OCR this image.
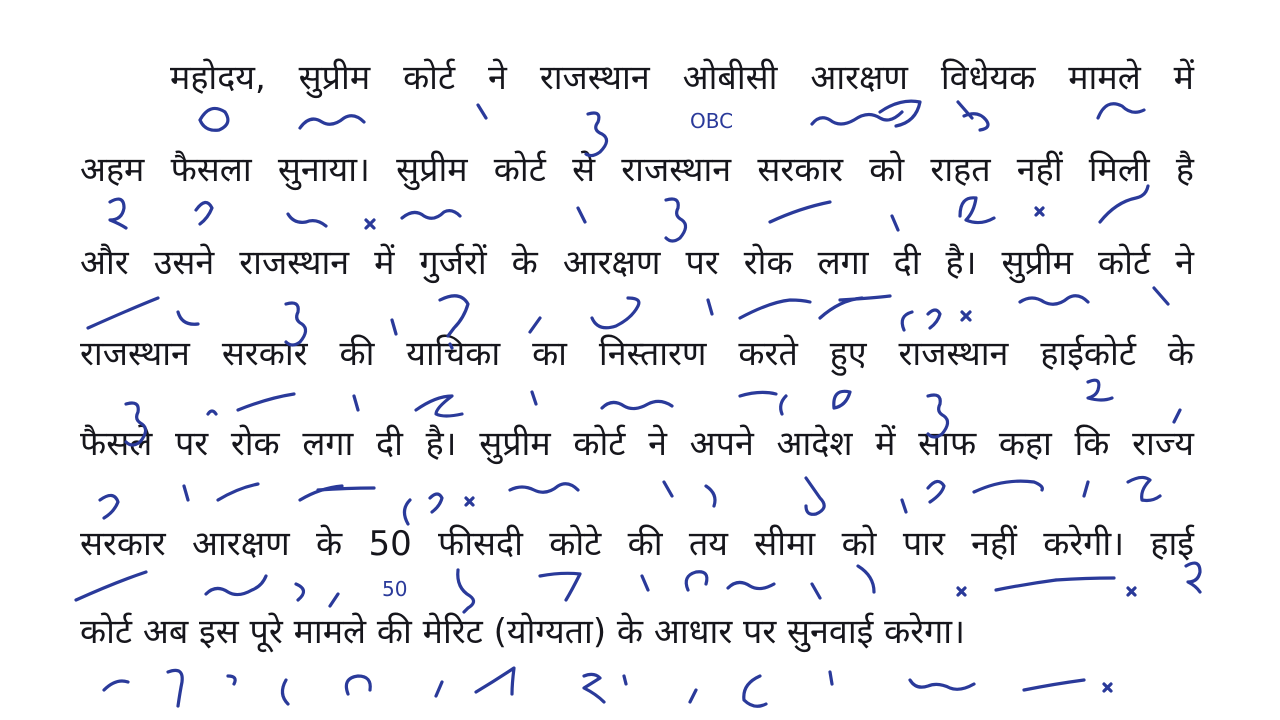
महोदय, सुप्रीम कोर्ट ने राजस्थान ओबीसी आरक्षण विधेयक मामले में
अहम फैसला सुनाया। सुप्रीम कोर्ट से राजस्थान सरकार को राहत नहीं मिली है
और उसने राजस्थान में गुर्जरों के आरक्षण पर रोक लगा दी है। सुप्रीम कोर्ट ने
राजस्थान सरकार की याचिका का निस्तारण करते हुए राजस्थान हाईकोर्ट के
फैसले पर रोक लगा दी है। सुप्रीम कोर्ट ने अपने आदेश में साफ कहा कि राज्य
सरकार आरक्षण के 50 फीसदी कोटे की तय सीमा को पार नहीं करेगी। हाई
कोर्ट अब इस पूरे मामले की मेरिट (योग्यता) के आधार पर सुनवाई करेगा।
OBC
50
